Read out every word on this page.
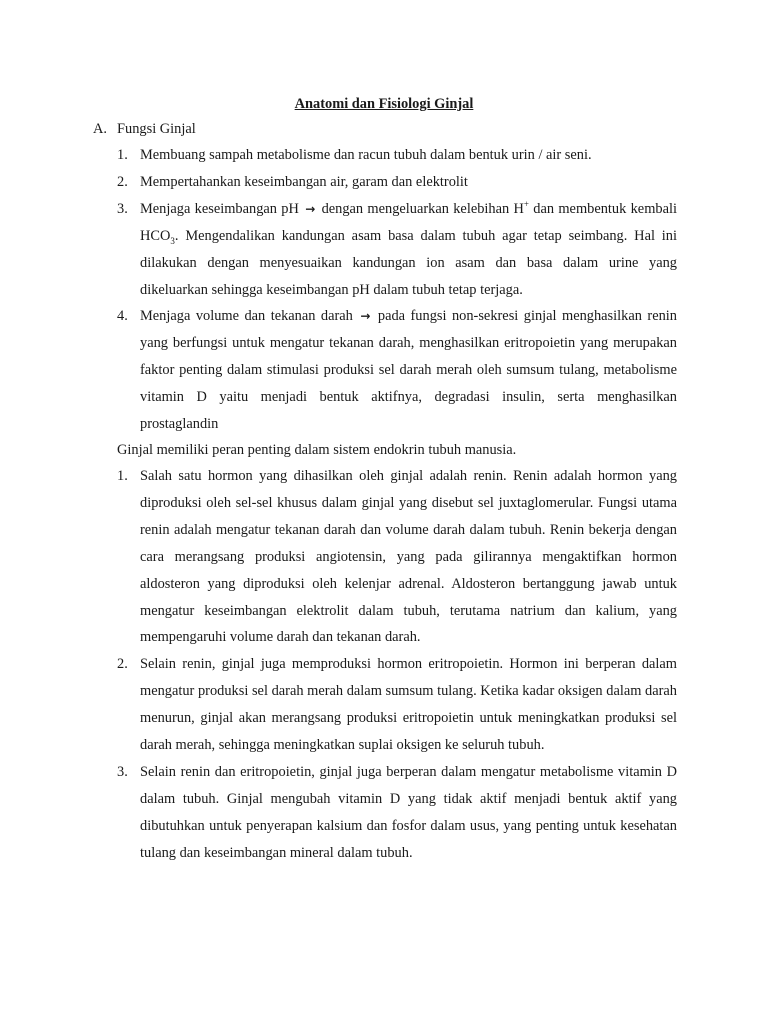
Anatomi dan Fisiologi Ginjal
A. Fungsi Ginjal
1. Membuang sampah metabolisme dan racun tubuh dalam bentuk urin / air seni.
2. Mempertahankan keseimbangan air, garam dan elektrolit
3. Menjaga keseimbangan pH → dengan mengeluarkan kelebihan H+ dan membentuk kembali $HCO_3$. Mengendalikan kandungan asam basa dalam tubuh agar tetap seimbang. Hal ini dilakukan dengan menyesuaikan kandungan ion asam dan basa dalam urine yang dikeluarkan sehingga keseimbangan pH dalam tubuh tetap terjaga.
4. Menjaga volume dan tekanan darah → pada fungsi non-sekresi ginjal menghasilkan renin yang berfungsi untuk mengatur tekanan darah, menghasilkan eritropoietin yang merupakan faktor penting dalam stimulasi produksi sel darah merah oleh sumsum tulang, metabolisme vitamin D yaitu menjadi bentuk aktifnya, degradasi insulin, serta menghasilkan prostaglandin
Ginjal memiliki peran penting dalam sistem endokrin tubuh manusia.
1. Salah satu hormon yang dihasilkan oleh ginjal adalah renin. Renin adalah hormon yang diproduksi oleh sel-sel khusus dalam ginjal yang disebut sel juxtaglomerular. Fungsi utama renin adalah mengatur tekanan darah dan volume darah dalam tubuh. Renin bekerja dengan cara merangsang produksi angiotensin, yang pada gilirannya mengaktifkan hormon aldosteron yang diproduksi oleh kelenjar adrenal. Aldosteron bertanggung jawab untuk mengatur keseimbangan elektrolit dalam tubuh, terutama natrium dan kalium, yang mempengaruhi volume darah dan tekanan darah.
2. Selain renin, ginjal juga memproduksi hormon eritropoietin. Hormon ini berperan dalam mengatur produksi sel darah merah dalam sumsum tulang. Ketika kadar oksigen dalam darah menurun, ginjal akan merangsang produksi eritropoietin untuk meningkatkan produksi sel darah merah, sehingga meningkatkan suplai oksigen ke seluruh tubuh.
3. Selain renin dan eritropoietin, ginjal juga berperan dalam mengatur metabolisme vitamin D dalam tubuh. Ginjal mengubah vitamin D yang tidak aktif menjadi bentuk aktif yang dibutuhkan untuk penyerapan kalsium dan fosfor dalam usus, yang penting untuk kesehatan tulang dan keseimbangan mineral dalam tubuh.
